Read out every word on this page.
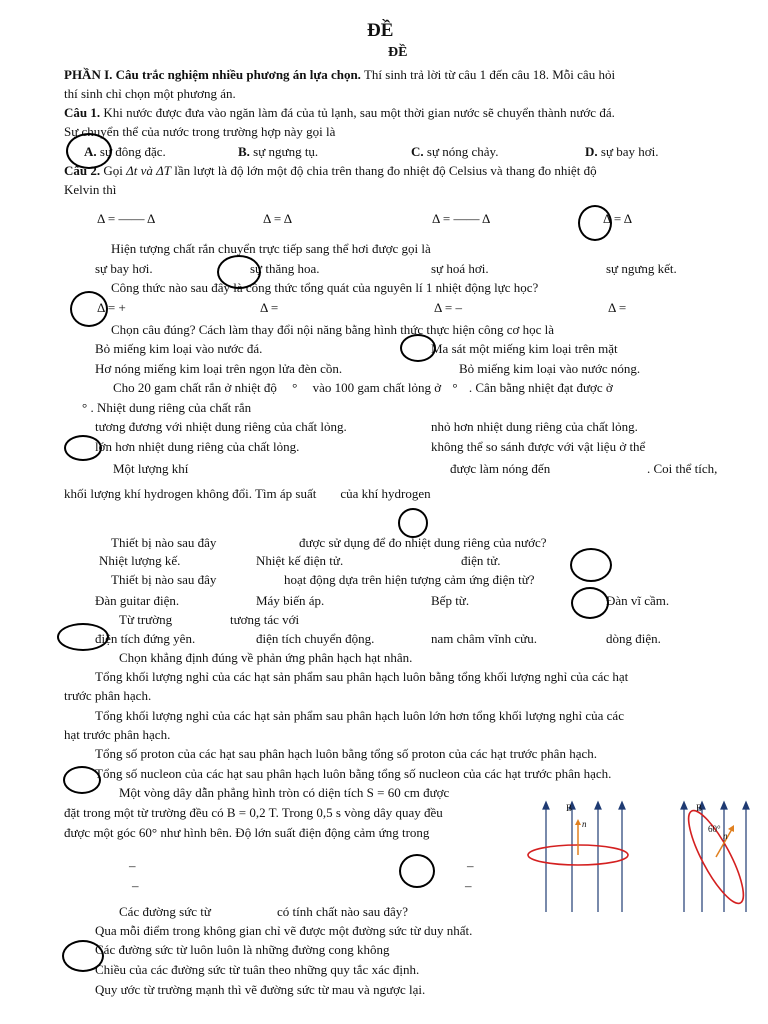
ĐỀ
ĐỀ
PHẦN I. Câu trắc nghiệm nhiều phương án lựa chọn. Thí sinh trả lời từ câu 1 đến câu 18. Mỗi câu hỏi
thí sinh chỉ chọn một phương án.
Câu 1. Khi nước được đưa vào ngăn làm đá của tủ lạnh, sau một thời gian nước sẽ chuyển thành nước đá.
Sự chuyển thể của nước trong trường hợp này gọi là
A. sự đông đặc.	B. sự ngưng tụ.	C. sự nóng chảy.	D. sự bay hơi.
Câu 2. Gọi Δt và ΔT lần lượt là độ lớn một độ chia trên thang đo nhiệt độ Celsius và thang đo nhiệt độ
Kelvin thì
Δ = —— Δ	Δ = Δ	Δ = —— Δ	Δ = Δ
Hiện tượng chất rắn chuyển trực tiếp sang thể hơi được gọi là
sự bay hơi.	sự thăng hoa.	sự hoá hơi.	sự ngưng kết.
Công thức nào sau đây là công thức tổng quát của nguyên lí 1 nhiệt động lực học?
Δ = +	Δ =	Δ = –	Δ =
Chọn câu đúng? Cách làm thay đổi nội năng bằng hình thức thực hiện công cơ học là
Bỏ miếng kim loại vào nước đá.	Ma sát một miếng kim loại trên mặt
Hơ nóng miếng kim loại trên ngọn lửa đèn cồn.	Bỏ miếng kim loại vào nước nóng.
Cho 20 gam chất rắn ở nhiệt độ ° vào 100 gam chất lỏng ở ° . Cân bằng nhiệt đạt được ở
° . Nhiệt dung riêng của chất rắn
tương đương với nhiệt dung riêng của chất lỏng.	nhỏ hơn nhiệt dung riêng của chất lỏng.
lớn hơn nhiệt dung riêng của chất lỏng.	không thể so sánh được với vật liệu ở thể
Một lượng khí	được làm nóng đến	. Coi thể tích,
khối lượng khí hydrogen không đổi. Tìm áp suất của khí hydrogen
Thiết bị nào sau đây	được sử dụng để đo nhiệt dung riêng của nước?
Nhiệt lượng kế.	Nhiệt kế điện tử.	điện tử.
Thiết bị nào sau đây	hoạt động dựa trên hiện tượng cảm ứng điện từ?
Đàn guitar điện.	Máy biến áp.	Bếp từ.	Đàn vĩ cầm.
Từ trường	tương tác với
điện tích đứng yên.	điện tích chuyển động.	nam châm vĩnh cửu.	dòng điện.
Chọn khẳng định đúng về phản ứng phân hạch hạt nhân.
Tổng khối lượng nghỉ của các hạt sản phẩm sau phân hạch luôn bằng tổng khối lượng nghỉ của các hạt
trước phân hạch.
Tổng khối lượng nghỉ của các hạt sản phẩm sau phân hạch luôn lớn hơn tổng khối lượng nghỉ của các
hạt trước phân hạch.
Tổng số proton của các hạt sau phân hạch luôn bằng tổng số proton của các hạt trước phân hạch.
Tổng số nucleon của các hạt sau phân hạch luôn bằng tổng số nucleon của các hạt trước phân hạch.
Một vòng dây dẫn phẳng hình tròn có diện tích S = 60 cm được
đặt trong một từ trường đều có B = 0,2 T. Trong 0,5 s vòng dây quay đều
được một góc 60° như hình bên. Độ lớn suất điện động cảm ứng trong
–
–
–
–
B
n
B
60°
n
Các đường sức từ	có tính chất nào sau đây?
Qua mỗi điểm trong không gian chỉ vẽ được một đường sức từ duy nhất.
Các đường sức từ luôn luôn là những đường cong không
Chiều của các đường sức từ tuân theo những quy tắc xác định.
Quy ước từ trường mạnh thì vẽ đường sức từ mau và ngược lại.
